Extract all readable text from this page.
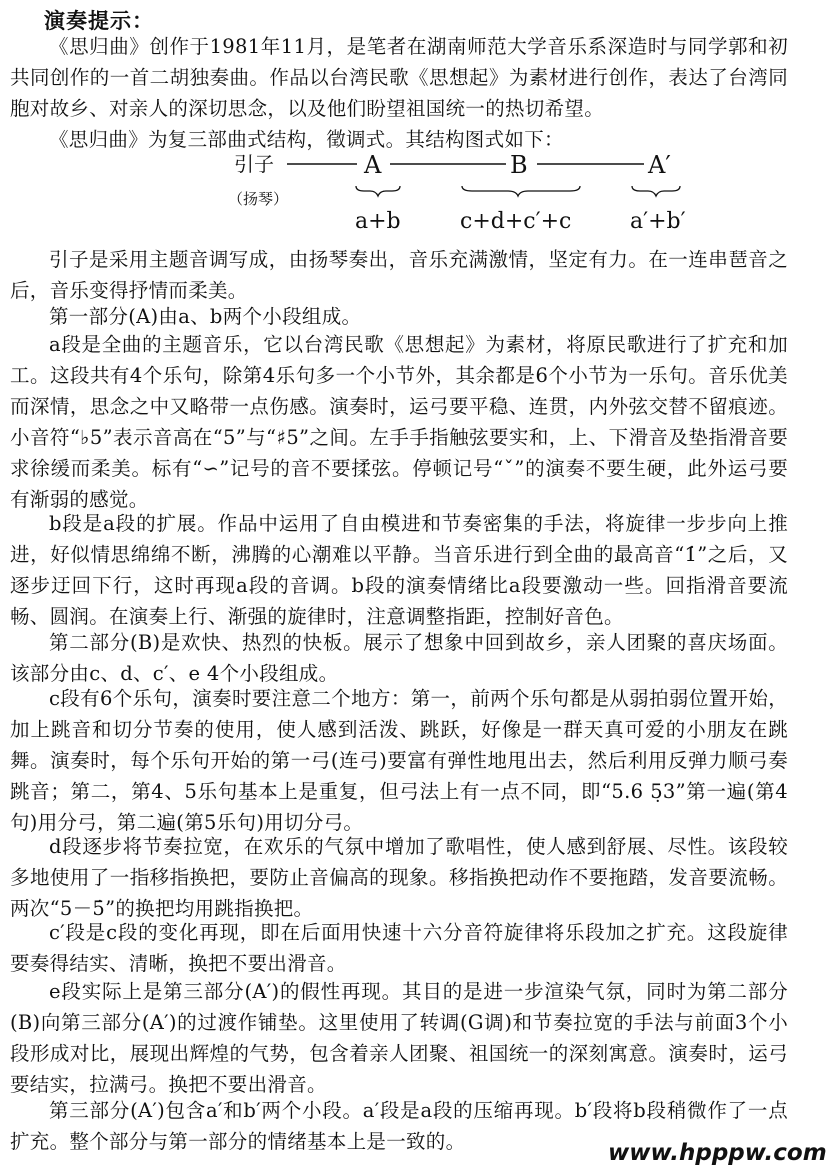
演奏提示：

《思归曲》创作于1981年11月，是笔者在湖南师范大学音乐系深造时与同学郭和初共同创作的一首二胡独奏曲。作品以台湾民歌《思想起》为素材进行创作，表达了台湾同胞对故乡、对亲人的深切思念，以及他们盼望祖国统一的热切希望。

《思归曲》为复三部曲式结构，徵调式。其结构图式如下：

引子	A	B	A′
（扬琴）
a+b	c+d+c′+c	a′+b′

引子是采用主题音调写成，由扬琴奏出，音乐充满激情，坚定有力。在一连串琶音之后，音乐变得抒情而柔美。

第一部分(A)由a、b两个小段组成。

a段是全曲的主题音乐，它以台湾民歌《思想起》为素材，将原民歌进行了扩充和加工。这段共有4个乐句，除第4乐句多一个小节外，其余都是6个小节为一乐句。音乐优美而深情，思念之中又略带一点伤感。演奏时，运弓要平稳、连贯，内外弦交替不留痕迹。小音符“♭5”表示音高在“5”与“♯5”之间。左手手指触弦要实和，上、下滑音及垫指滑音要求徐缓而柔美。标有“∽”记号的音不要揉弦。停顿记号“ˇ”的演奏不要生硬，此外运弓要有渐弱的感觉。

b段是a段的扩展。作品中运用了自由模进和节奏密集的手法，将旋律一步步向上推进，好似情思绵绵不断，沸腾的心潮难以平静。当音乐进行到全曲的最高音“1̇”之后，又逐步迂回下行，这时再现a段的音调。b段的演奏情绪比a段要激动一些。回指滑音要流畅、圆润。在演奏上行、渐强的旋律时，注意调整指距，控制好音色。

第二部分(B)是欢快、热烈的快板。展示了想象中回到故乡，亲人团聚的喜庆场面。该部分由c、d、c′、e 4个小段组成。

c段有6个乐句，演奏时要注意二个地方：第一，前两个乐句都是从弱拍弱位置开始，加上跳音和切分节奏的使用，使人感到活泼、跳跃，好像是一群天真可爱的小朋友在跳舞。演奏时，每个乐句开始的第一弓(连弓)要富有弹性地甩出去，然后利用反弹力顺弓奏跳音；第二，第4、5乐句基本上是重复，但弓法上有一点不同，即“5.6 5̣3”第一遍(第4句)用分弓，第二遍(第5乐句)用切分弓。

d段逐步将节奏拉宽，在欢乐的气氛中增加了歌唱性，使人感到舒展、尽性。该段较多地使用了一指移指换把，要防止音偏高的现象。移指换把动作不要拖踏，发音要流畅。两次“5－5̇”的换把均用跳指换把。

c′段是c段的变化再现，即在后面用快速十六分音符旋律将乐段加之扩充。这段旋律要奏得结实、清晰，换把不要出滑音。

e段实际上是第三部分(A′)的假性再现。其目的是进一步渲染气氛，同时为第二部分(B)向第三部分(A′)的过渡作铺垫。这里使用了转调(G调)和节奏拉宽的手法与前面3个小段形成对比，展现出辉煌的气势，包含着亲人团聚、祖国统一的深刻寓意。演奏时，运弓要结实，拉满弓。换把不要出滑音。

第三部分(A′)包含a′和b′两个小段。a′段是a段的压缩再现。b′段将b段稍微作了一点扩充。整个部分与第一部分的情绪基本上是一致的。	www.hpppw.com
